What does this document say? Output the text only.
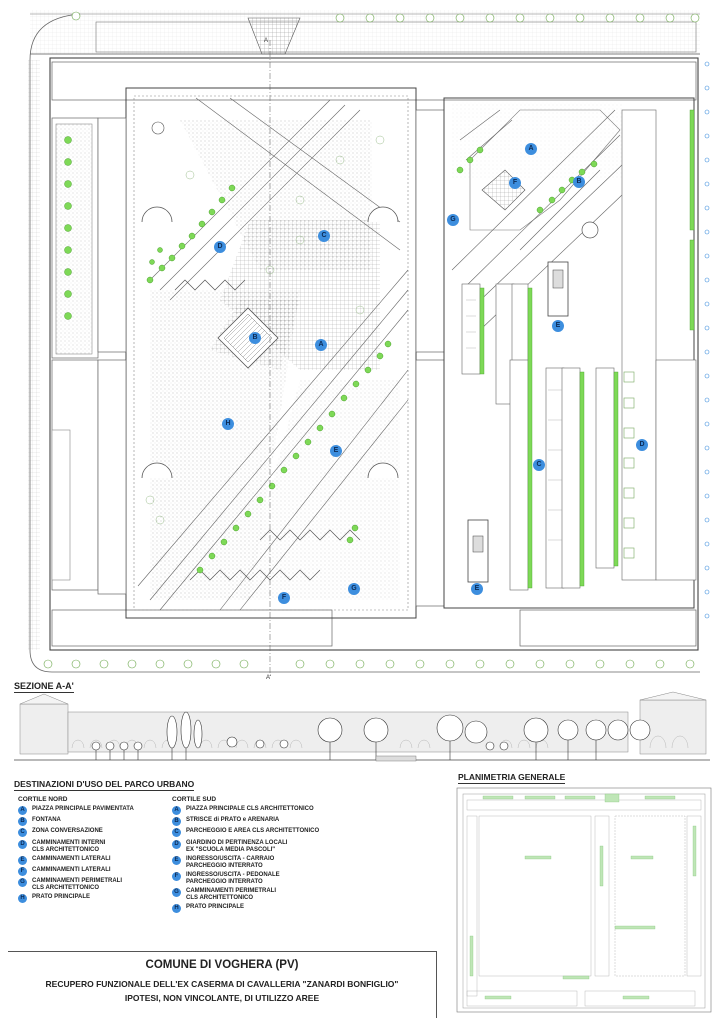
A
A'
A
B
C
D
E
F
G
H
A
B
C
D
E
E
F
G
SEZIONE A-A'
DESTINAZIONI D'USO DEL PARCO URBANO
CORTILE NORD
A	PIAZZA PRINCIPALE PAVIMENTATA
B	FONTANA
C	ZONA CONVERSAZIONE
D	CAMMINAMENTI INTERNI
CLS ARCHITETTONICO
E	CAMMINAMENTI LATERALI
F	CAMMINAMENTI LATERALI
G	CAMMINAMENTI PERIMETRALI
CLS ARCHITETTONICO
H	PRATO PRINCIPALE
CORTILE SUD
A	PIAZZA PRINCIPALE CLS ARCHITETTONICO
B	STRISCE di PRATO e ARENARIA
C	PARCHEGGIO E AREA CLS ARCHITETTONICO
D	GIARDINO DI PERTINENZA LOCALI
EX "SCUOLA MEDIA PASCOLI"
E	INGRESSO/USCITA - CARRAIO
PARCHEGGIO INTERRATO
F	INGRESSO/USCITA - PEDONALE
PARCHEGGIO INTERRATO
G	CAMMINAMENTI PERIMETRALI
CLS ARCHITETTONICO
H	PRATO PRINCIPALE
PLANIMETRIA GENERALE
COMUNE DI VOGHERA (PV)
RECUPERO FUNZIONALE DELL'EX CASERMA DI CAVALLERIA "ZANARDI BONFIGLIO"
IPOTESI, NON VINCOLANTE, DI UTILIZZO AREE
